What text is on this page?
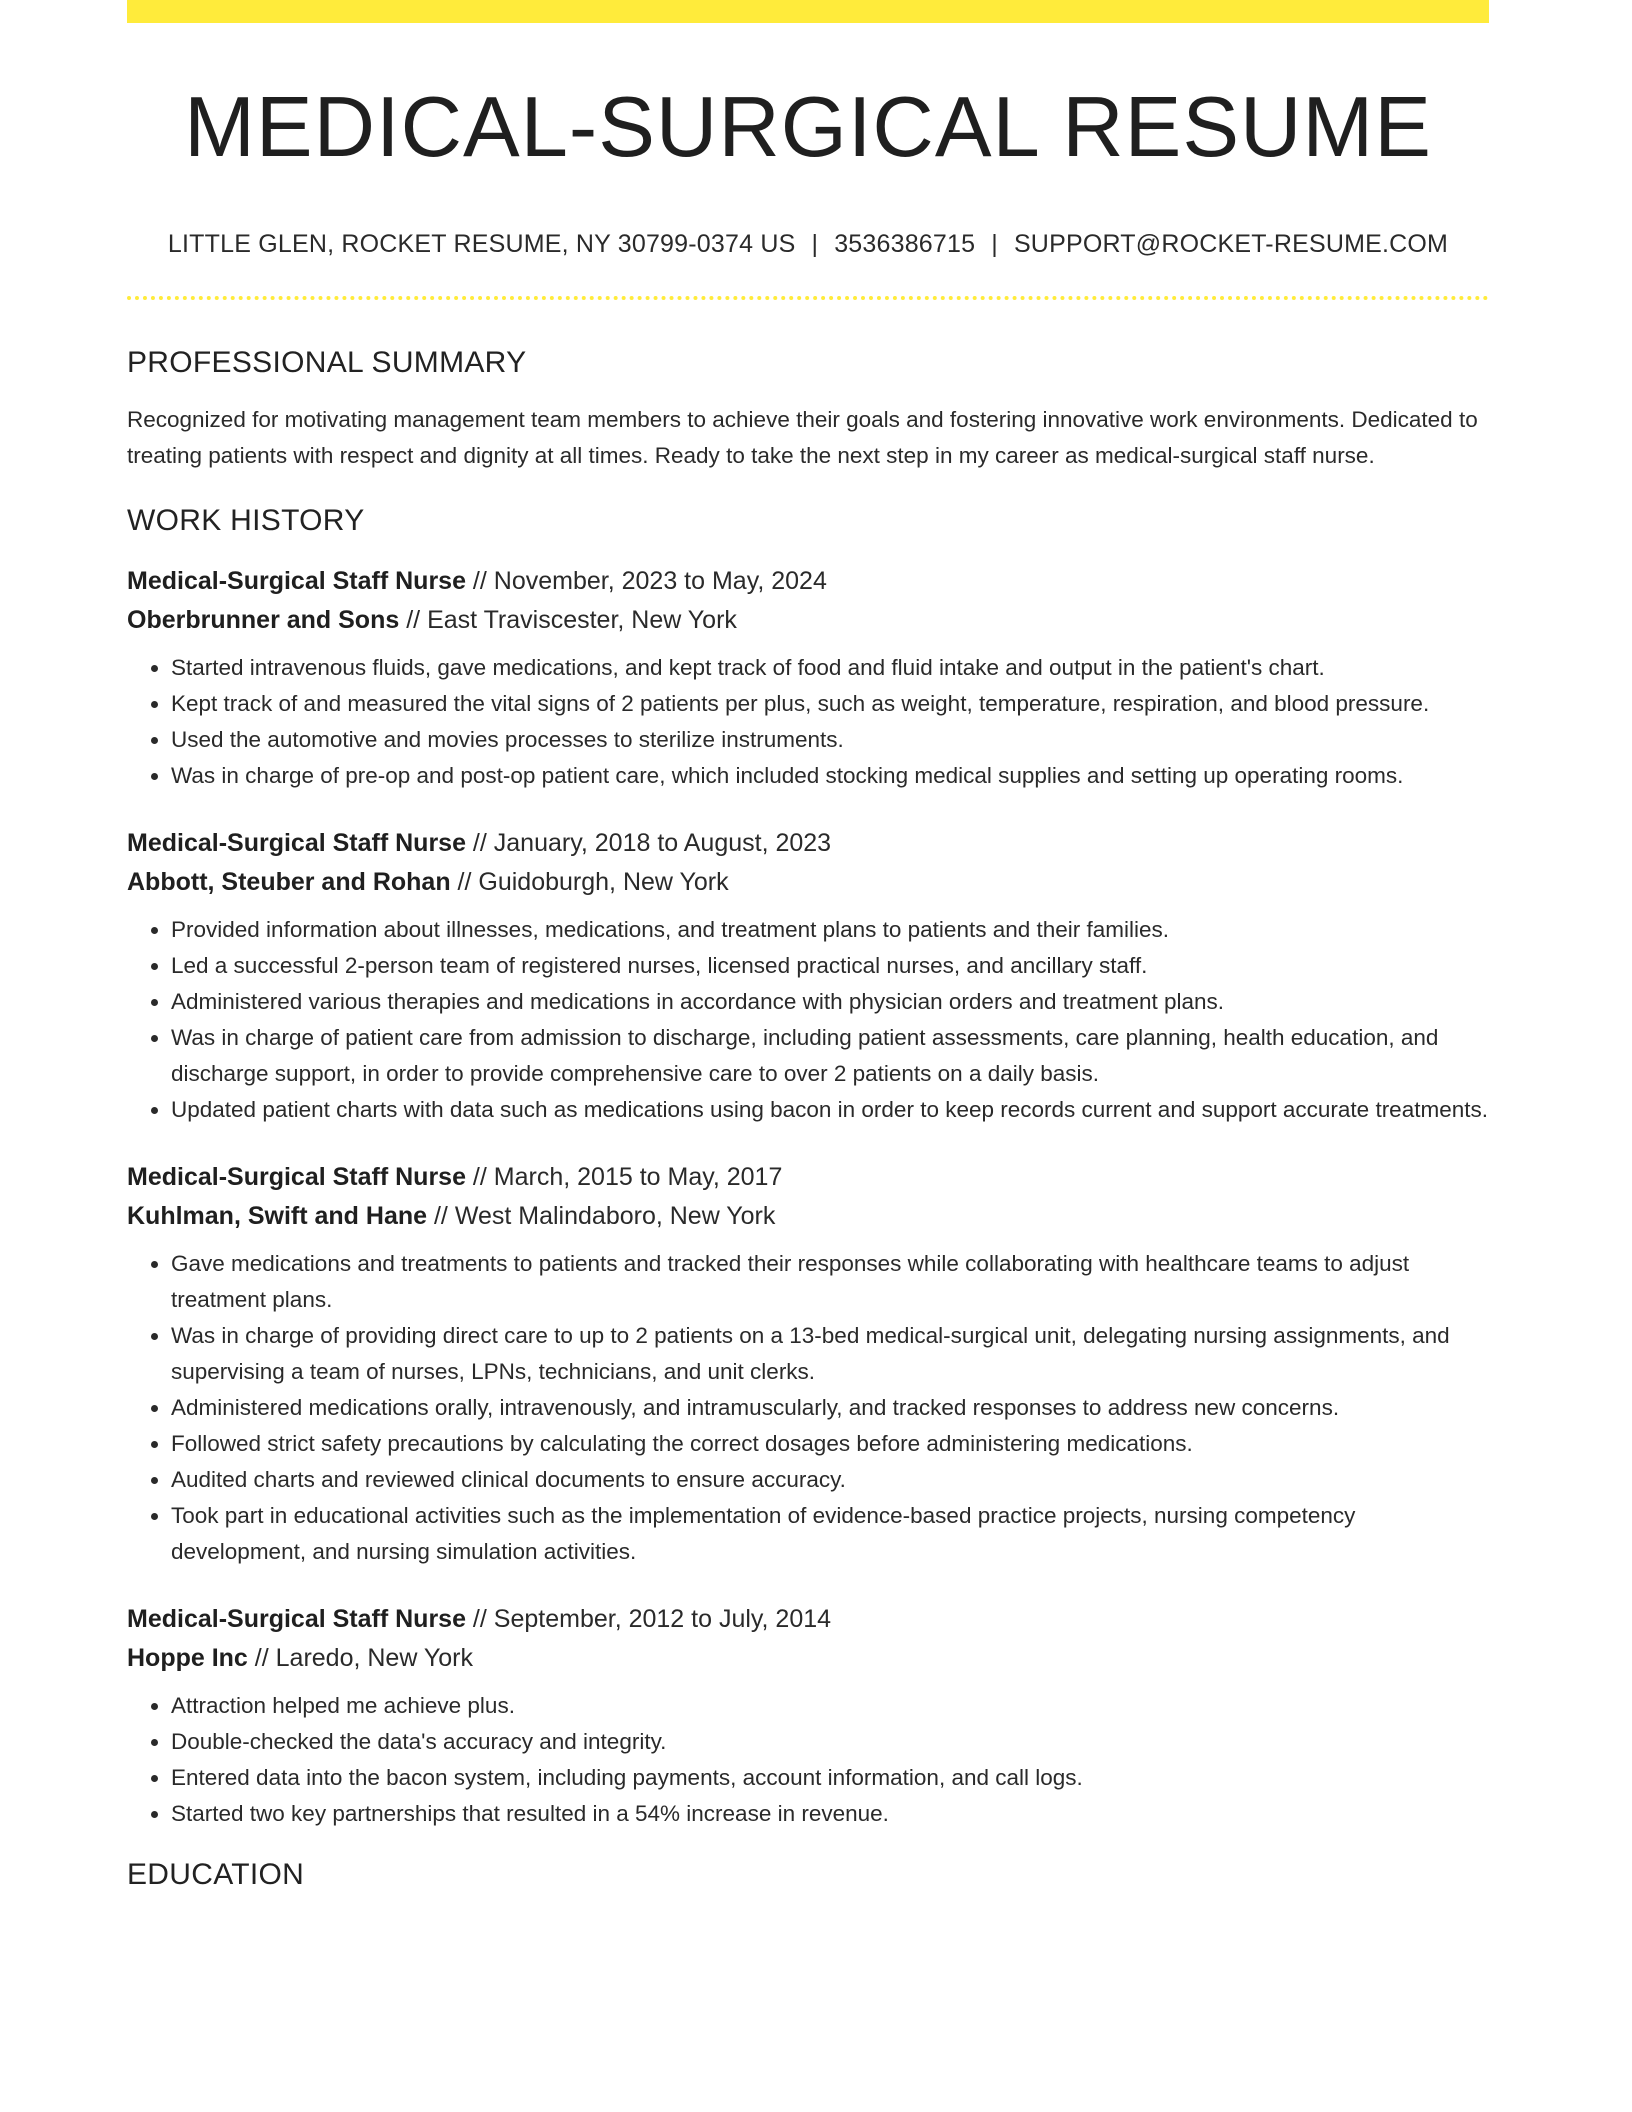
MEDICAL-SURGICAL RESUME
LITTLE GLEN, ROCKET RESUME, NY 30799-0374 US | 3536386715 | SUPPORT@ROCKET-RESUME.COM
PROFESSIONAL SUMMARY

Recognized for motivating management team members to achieve their goals and fostering innovative work environments. Dedicated to treating patients with respect and dignity at all times. Ready to take the next step in my career as medical-surgical staff nurse.

WORK HISTORY
Medical-Surgical Staff Nurse // November, 2023 to May, 2024
Oberbrunner and Sons // East Traviscester, New York
• Started intravenous fluids, gave medications, and kept track of food and fluid intake and output in the patient's chart.
• Kept track of and measured the vital signs of 2 patients per plus, such as weight, temperature, respiration, and blood pressure.
• Used the automotive and movies processes to sterilize instruments.
• Was in charge of pre-op and post-op patient care, which included stocking medical supplies and setting up operating rooms.
Medical-Surgical Staff Nurse // January, 2018 to August, 2023
Abbott, Steuber and Rohan // Guidoburgh, New York
• Provided information about illnesses, medications, and treatment plans to patients and their families.
• Led a successful 2-person team of registered nurses, licensed practical nurses, and ancillary staff.
• Administered various therapies and medications in accordance with physician orders and treatment plans.
• Was in charge of patient care from admission to discharge, including patient assessments, care planning, health education, and discharge support, in order to provide comprehensive care to over 2 patients on a daily basis.
• Updated patient charts with data such as medications using bacon in order to keep records current and support accurate treatments.
Medical-Surgical Staff Nurse // March, 2015 to May, 2017
Kuhlman, Swift and Hane // West Malindaboro, New York
• Gave medications and treatments to patients and tracked their responses while collaborating with healthcare teams to adjust treatment plans.
• Was in charge of providing direct care to up to 2 patients on a 13-bed medical-surgical unit, delegating nursing assignments, and supervising a team of nurses, LPNs, technicians, and unit clerks.
• Administered medications orally, intravenously, and intramuscularly, and tracked responses to address new concerns.
• Followed strict safety precautions by calculating the correct dosages before administering medications.
• Audited charts and reviewed clinical documents to ensure accuracy.
• Took part in educational activities such as the implementation of evidence-based practice projects, nursing competency development, and nursing simulation activities.
Medical-Surgical Staff Nurse // September, 2012 to July, 2014
Hoppe Inc // Laredo, New York
• Attraction helped me achieve plus.
• Double-checked the data's accuracy and integrity.
• Entered data into the bacon system, including payments, account information, and call logs.
• Started two key partnerships that resulted in a 54% increase in revenue.
EDUCATION
